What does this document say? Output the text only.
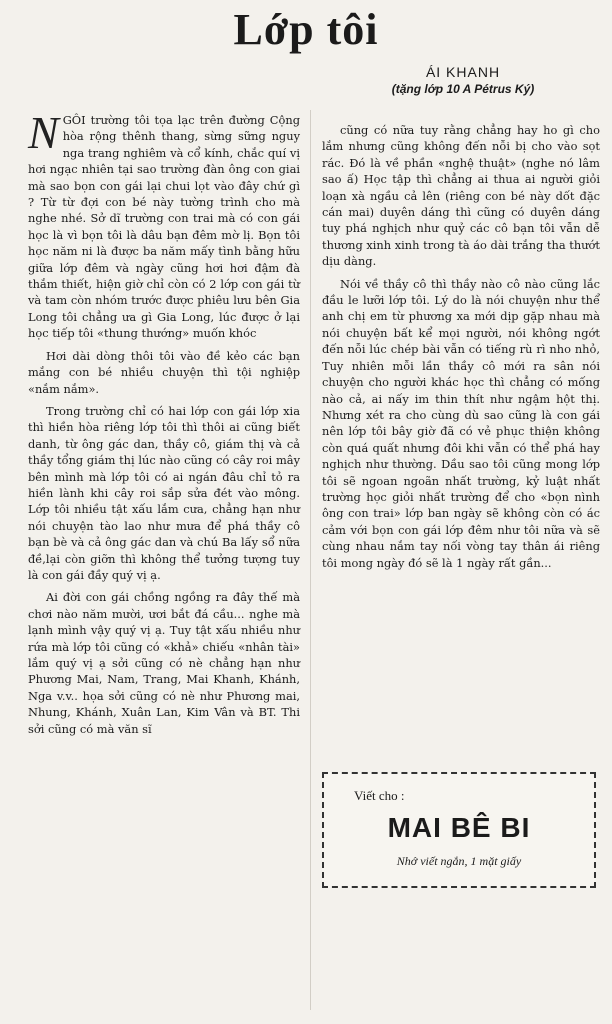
Lớp tôi

ÁI KHANH

(tặng lớp 10 A Pétrus Ký)

NGÔI trường tôi tọa lạc trên đường Cộng hòa rộng thênh thang, sừng sững nguy nga trang nghiêm và cổ kính, chắc quí vị hơi ngạc nhiên tại sao trường đàn ông con giai mà sao bọn con gái lại chui lọt vào đây chứ gì ? Từ từ đợi con bé này tường trình cho mà nghe nhé. Sở dĩ trường con trai mà có con gái học là vì bọn tôi là dâu bạn đêm mờ lị. Bọn tôi học năm ni là được ba năm mấy tình bằng hữu giữa lớp đêm và ngày cũng hơi hơi đậm đà thắm thiết, hiện giờ chỉ còn có 2 lớp con gái từ và tam còn nhóm trước được phiêu lưu bên Gia Long tôi chẳng ưa gì Gia Long, lúc được ở lại học tiếp tôi «thung thướng» muốn khóc

Hơi dài dòng thôi tôi vào đề kẻo các bạn mắng con bé nhiều chuyện thì tội nghiệp «nắm nắm».

Trong trường chỉ có hai lớp con gái lớp xia thì hiền hòa riêng lớp tôi thì thôi ai cũng biết danh, từ ông gác dan, thầy cô, giám thị và cả thầy tổng giám thị lúc nào cũng có cây roi mây bên mình mà lớp tôi có ai ngán đâu chỉ tỏ ra hiền lành khi cây roi sắp sửa đét vào mông. Lớp tôi nhiều tật xấu lắm cưa, chẳng hạn như nói chuyện tào lao như mưa để phá thầy cô bạn bè và cả ông gác dan và chú Ba lấy sổ nữa đề,lại còn giỡn thì không thể tưởng tượng tuy là con gái đầy quý vị ạ.

Ai đời con gái chồng ngồng ra đây thế mà chơi nào năm mười, ươi bắt đá cầu... nghe mà lạnh mình vậy quý vị ạ. Tuy tật xấu nhiều như rứa mà lớp tôi cũng có «khả» chiếu «nhân tài» lắm quý vị ạ sởi cũng có nè chẳng hạn như Phương Mai, Nam, Trang, Mai Khanh, Khánh, Nga v.v.. họa sởi cũng có nè như Phương mai, Nhung, Khánh, Xuân Lan, Kim Vân và BT. Thi sởi cũng có mà văn sĩ

cũng có nữa tuy rằng chẳng hay ho gì cho lắm nhưng cũng không đến nỗi bị cho vào sọt rác. Đó là về phần «nghệ thuật» (nghe nó lâm sao ấ) Học tập thì chẳng ai thua ai người giỏi loạn xà ngầu cả lên (riêng con bé này dốt đặc cán mai) duyên dáng thì cũng có duyên dáng tuy phá nghịch như quỷ các cô bạn tôi vẫn dễ thương xinh xinh trong tà áo dài trắng tha thướt dịu dàng.

Nói về thầy cô thì thầy nào cô nào cũng lắc đầu le lưỡi lớp tôi. Lý do là nói chuyện như thể anh chị em từ phương xa mới dịp gặp nhau mà nói chuyện bất kể mọi người, nói không ngớt đến nỗi lúc chép bài vẫn có tiếng rù rì nho nhỏ, Tuy nhiên mỗi lần thầy cô mới ra sân nói chuyện cho người khác học thì chẳng có mống nào cả, ai nấy im thin thít như ngậm hột thị. Nhưng xét ra cho cùng dù sao cũng là con gái nên lớp tôi bây giờ đã có vẻ phục thiện không còn quá quất nhưng đôi khi vẫn có thể phá hay nghịch như thường. Dầu sao tôi cũng mong lớp tôi sẽ ngoan ngoãn nhất trường, kỷ luật nhất trường học giỏi nhất trường để cho «bọn nình ông con trai» lớp ban ngày sẽ không còn có ác cảm với bọn con gái lớp đêm như tôi nữa và sẽ cùng nhau nắm tay nối vòng tay thân ái riêng tôi mong ngày đó sẽ là 1 ngày rất gần...

Viết cho :
MAI BÊ BI
Nhớ viết ngắn, 1 mặt giấy
